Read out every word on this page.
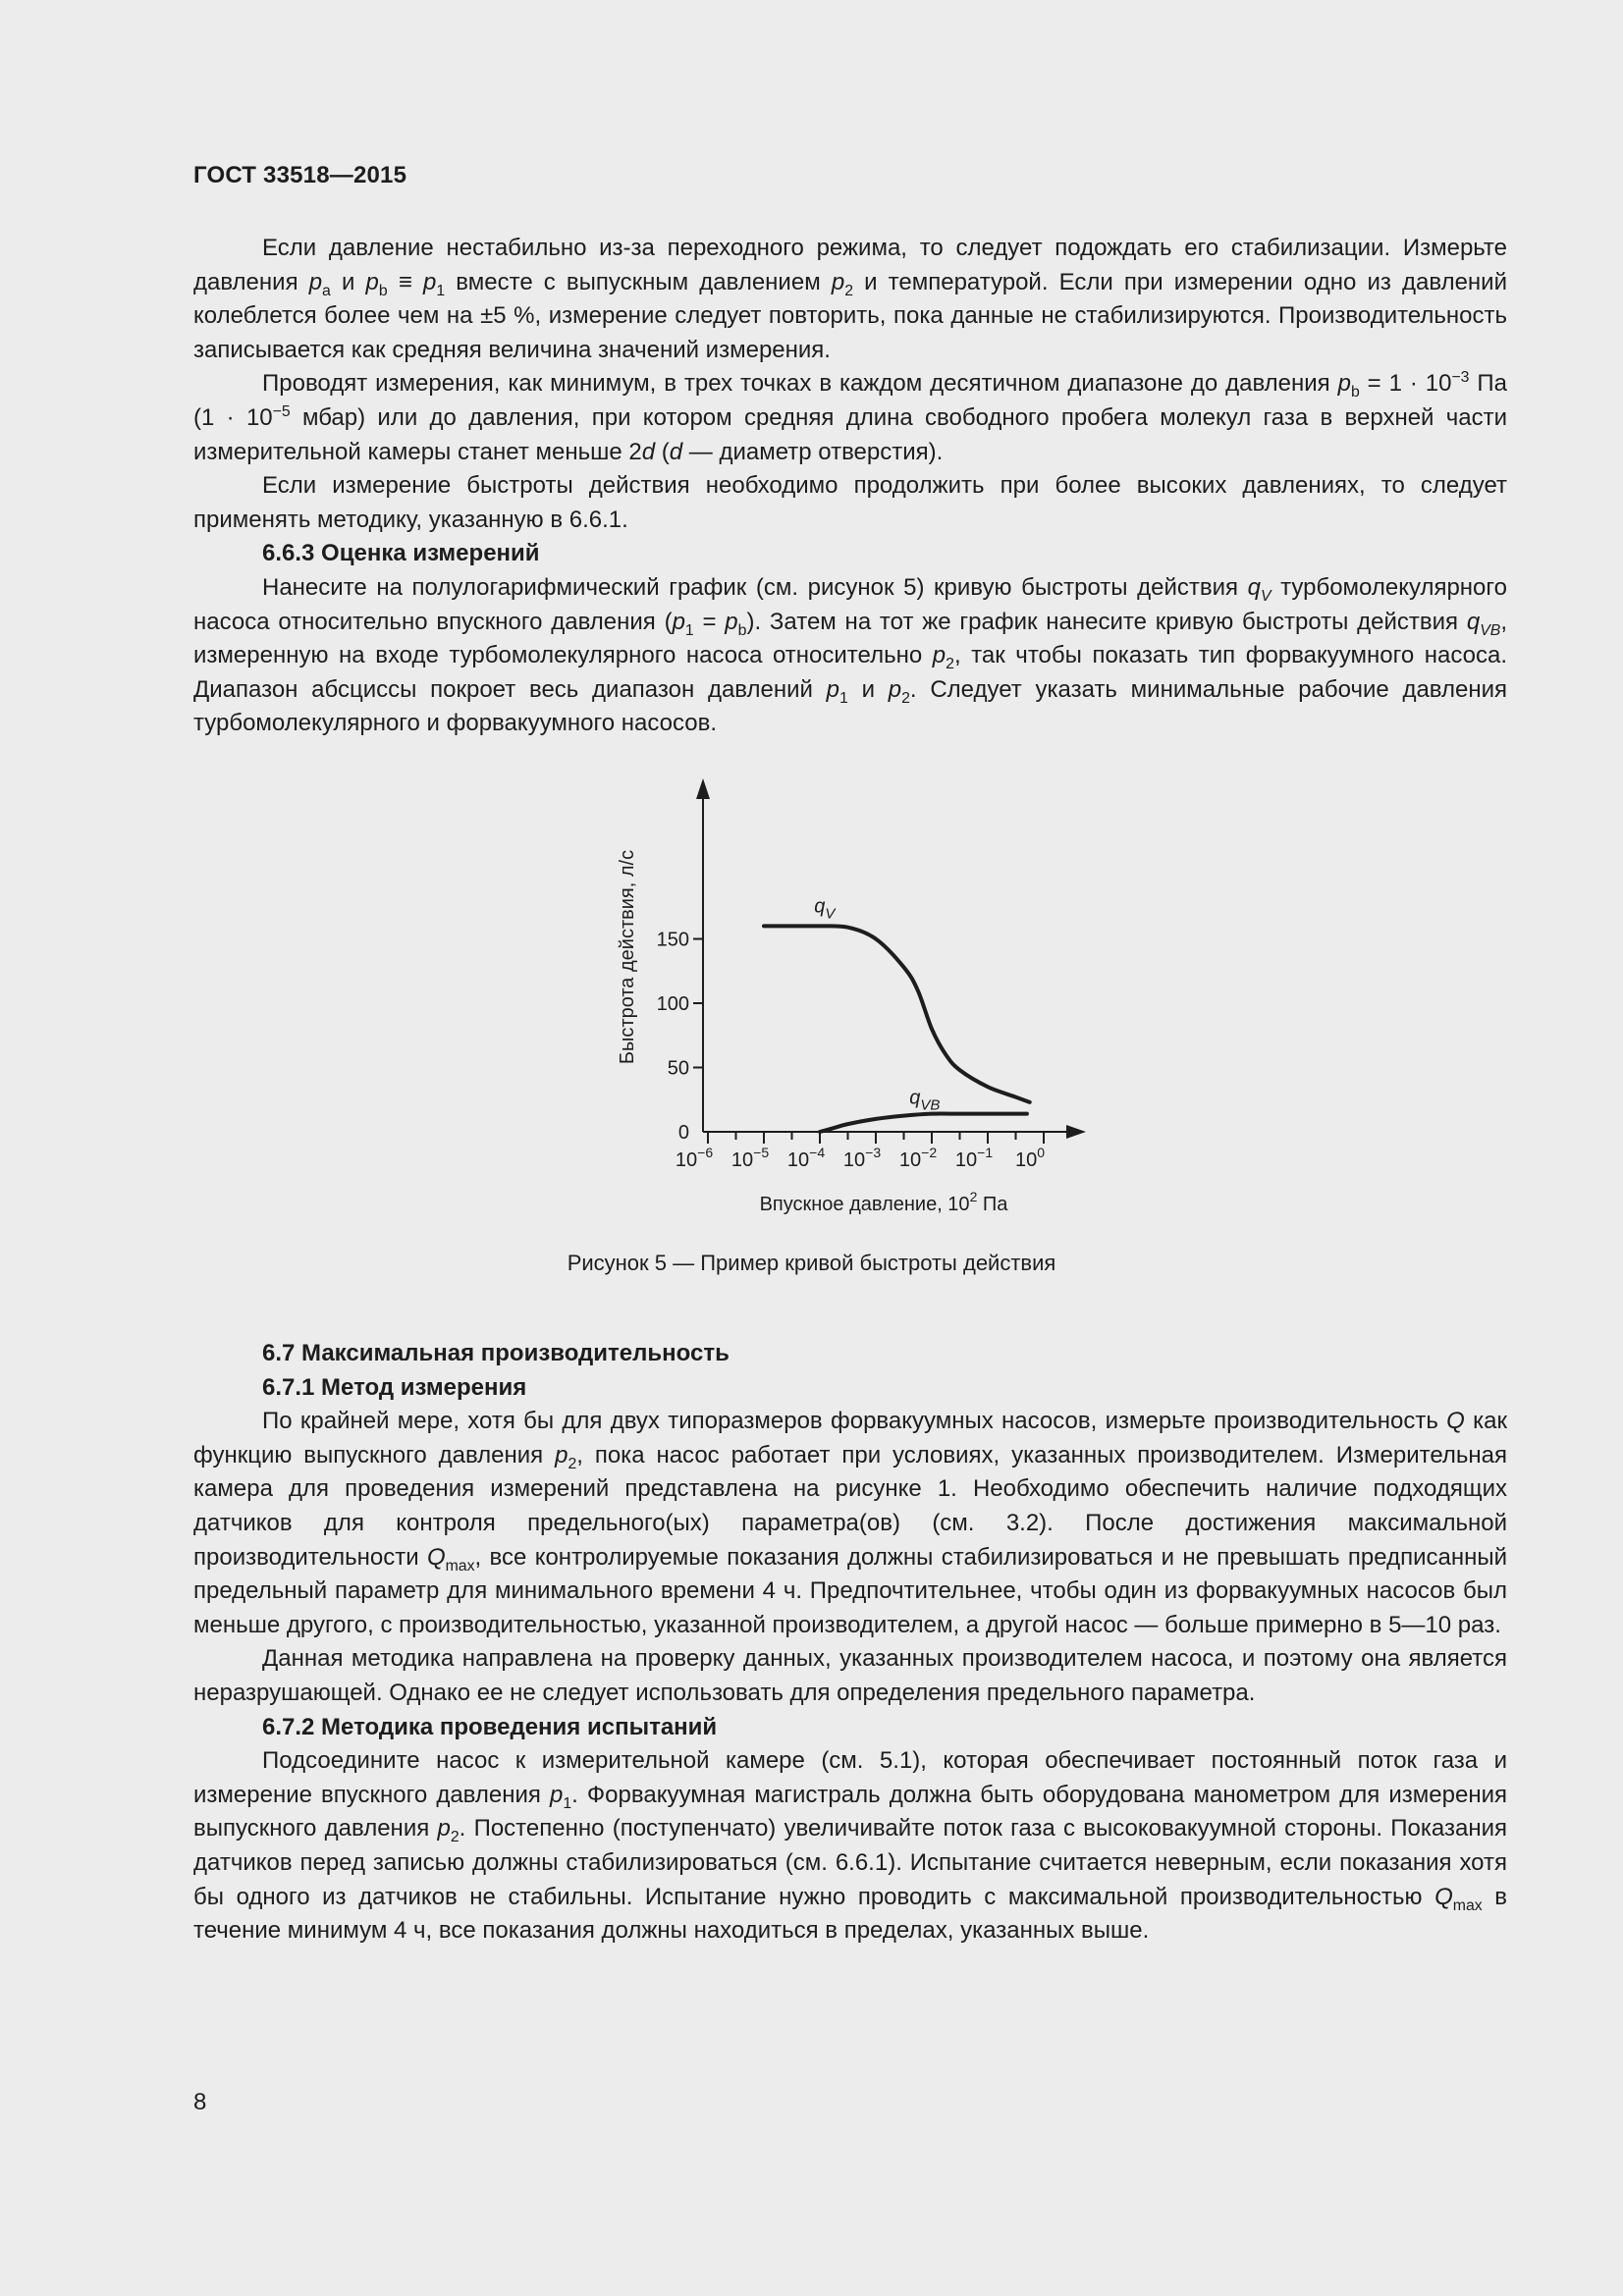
ГОСТ 33518—2015

Если давление нестабильно из-за переходного режима, то следует подождать его стабилизации. Измерьте давления $p_a$ и $p_b \equiv p_1$ вместе с выпускным давлением $p_2$ и температурой. Если при измерении одно из давлений колеблется более чем на ±5 %, измерение следует повторить, пока данные не стабилизируются. Производительность записывается как средняя величина значений измерения.

Проводят измерения, как минимум, в трех точках в каждом десятичном диапазоне до давления $p_b = 1 \cdot 10^{-3}$ Па ($1 \cdot 10^{-5}$ мбар) или до давления, при котором средняя длина свободного пробега молекул газа в верхней части измерительной камеры станет меньше 2d (d — диаметр отверстия).

Если измерение быстроты действия необходимо продолжить при более высоких давлениях, то следует применять методику, указанную в 6.6.1.

6.6.3 Оценка измерений

Нанесите на полулогарифмический график (см. рисунок 5) кривую быстроты действия $q_V$ турбомолекулярного насоса относительно впускного давления $(p_1 = p_b)$. Затем на тот же график нанесите кривую быстроты действия $q_{VB}$, измеренную на входе турбомолекулярного насоса относительно $p_2$, так чтобы показать тип форвакуумного насоса. Диапазон абсциссы покроет весь диапазон давлений $p_1$ и $p_2$. Следует указать минимальные рабочие давления турбомолекулярного и форвакуумного насосов.

0
50
100
150
$10^{-6}$ $10^{-5}$ $10^{-4}$ $10^{-3}$ $10^{-2}$ $10^{-1}$ $10^0$
Быстрота действия, л/с
Впускное давление, $10^2$ Па
$q_V$
$q_{VB}$
Рисунок 5 — Пример кривой быстроты действия

6.7 Максимальная производительность

6.7.1 Метод измерения

По крайней мере, хотя бы для двух типоразмеров форвакуумных насосов, измерьте производительность Q как функцию выпускного давления $p_2$, пока насос работает при условиях, указанных производителем. Измерительная камера для проведения измерений представлена на рисунке 1. Необходимо обеспечить наличие подходящих датчиков для контроля предельного(ых) параметра(ов) (см. 3.2). После достижения максимальной производительности $Q_{max}$, все контролируемые показания должны стабилизироваться и не превышать предписанный предельный параметр для минимального времени 4 ч. Предпочтительнее, чтобы один из форвакуумных насосов был меньше другого, с производительностью, указанной производителем, а другой насос — больше примерно в 5—10 раз.

Данная методика направлена на проверку данных, указанных производителем насоса, и поэтому она является неразрушающей. Однако ее не следует использовать для определения предельного параметра.

6.7.2 Методика проведения испытаний

Подсоедините насос к измерительной камере (см. 5.1), которая обеспечивает постоянный поток газа и измерение впускного давления $p_1$. Форвакуумная магистраль должна быть оборудована манометром для измерения выпускного давления $p_2$. Постепенно (поступенчато) увеличивайте поток газа с высоковакуумной стороны. Показания датчиков перед записью должны стабилизироваться (см. 6.6.1). Испытание считается неверным, если показания хотя бы одного из датчиков не стабильны. Испытание нужно проводить с максимальной производительностью $Q_{max}$ в течение минимум 4 ч, все показания должны находиться в пределах, указанных выше.

8
